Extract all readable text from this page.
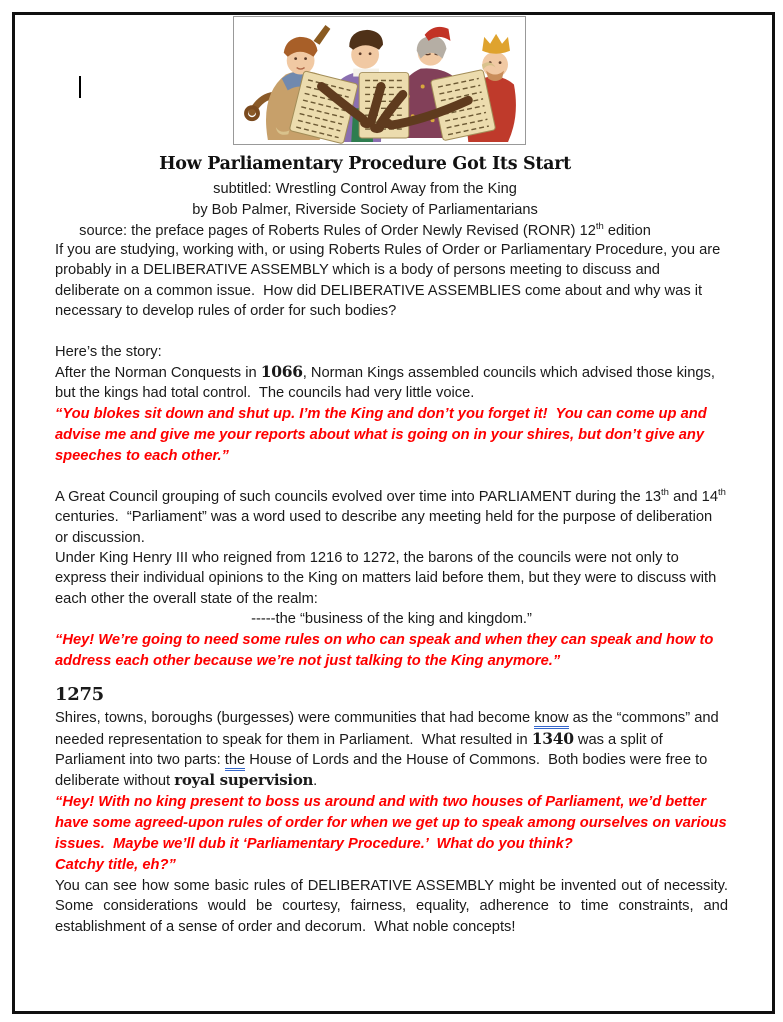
How Parliamentary Procedure Got Its Start

subtitled: Wrestling Control Away from the King

by Bob Palmer, Riverside Society of Parliamentarians

source: the preface pages of Roberts Rules of Order Newly Revised (RONR) 12th edition

If you are studying, working with, or using Roberts Rules of Order or Parliamentary Procedure, you are probably in a DELIBERATIVE ASSEMBLY which is a body of persons meeting to discuss and deliberate on a common issue.  How did DELIBERATIVE ASSEMBLIES come about and why was it necessary to develop rules of order for such bodies?

Here’s the story:

After the Norman Conquests in 1066, Norman Kings assembled councils which advised those kings, but the kings had total control.  The councils had very little voice.

“You blokes sit down and shut up. I’m the King and don’t you forget it!  You can come up and advise me and give me your reports about what is going on in your shires, but don’t give any speeches to each other.”

A Great Council grouping of such councils evolved over time into PARLIAMENT during the 13th and 14th centuries.  “Parliament” was a word used to describe any meeting held for the purpose of deliberation or discussion.

Under King Henry III who reigned from 1216 to 1272, the barons of the councils were not only to express their individual opinions to the King on matters laid before them, but they were to discuss with each other the overall state of the realm:

-----the “business of the king and kingdom.”

“Hey! We’re going to need some rules on who can speak and when they can speak and how to address each other because we’re not just talking to the King anymore.”

1275

Shires, towns, boroughs (burgesses) were communities that had become know as the “commons” and needed representation to speak for them in Parliament.  What resulted in 1340 was a split of Parliament into two parts: the House of Lords and the House of Commons.  Both bodies were free to deliberate without royal supervision.

“Hey! With no king present to boss us around and with two houses of Parliament, we’d better have some agreed-upon rules of order for when we get up to speak among ourselves on various issues.  Maybe we’ll dub it ‘Parliamentary Procedure.’  What do you think?
Catchy title, eh?”

You can see how some basic rules of DELIBERATIVE ASSEMBLY might be invented out of necessity.  Some considerations would be courtesy, fairness, equality, adherence to time constraints, and establishment of a sense of order and decorum.  What noble concepts!
